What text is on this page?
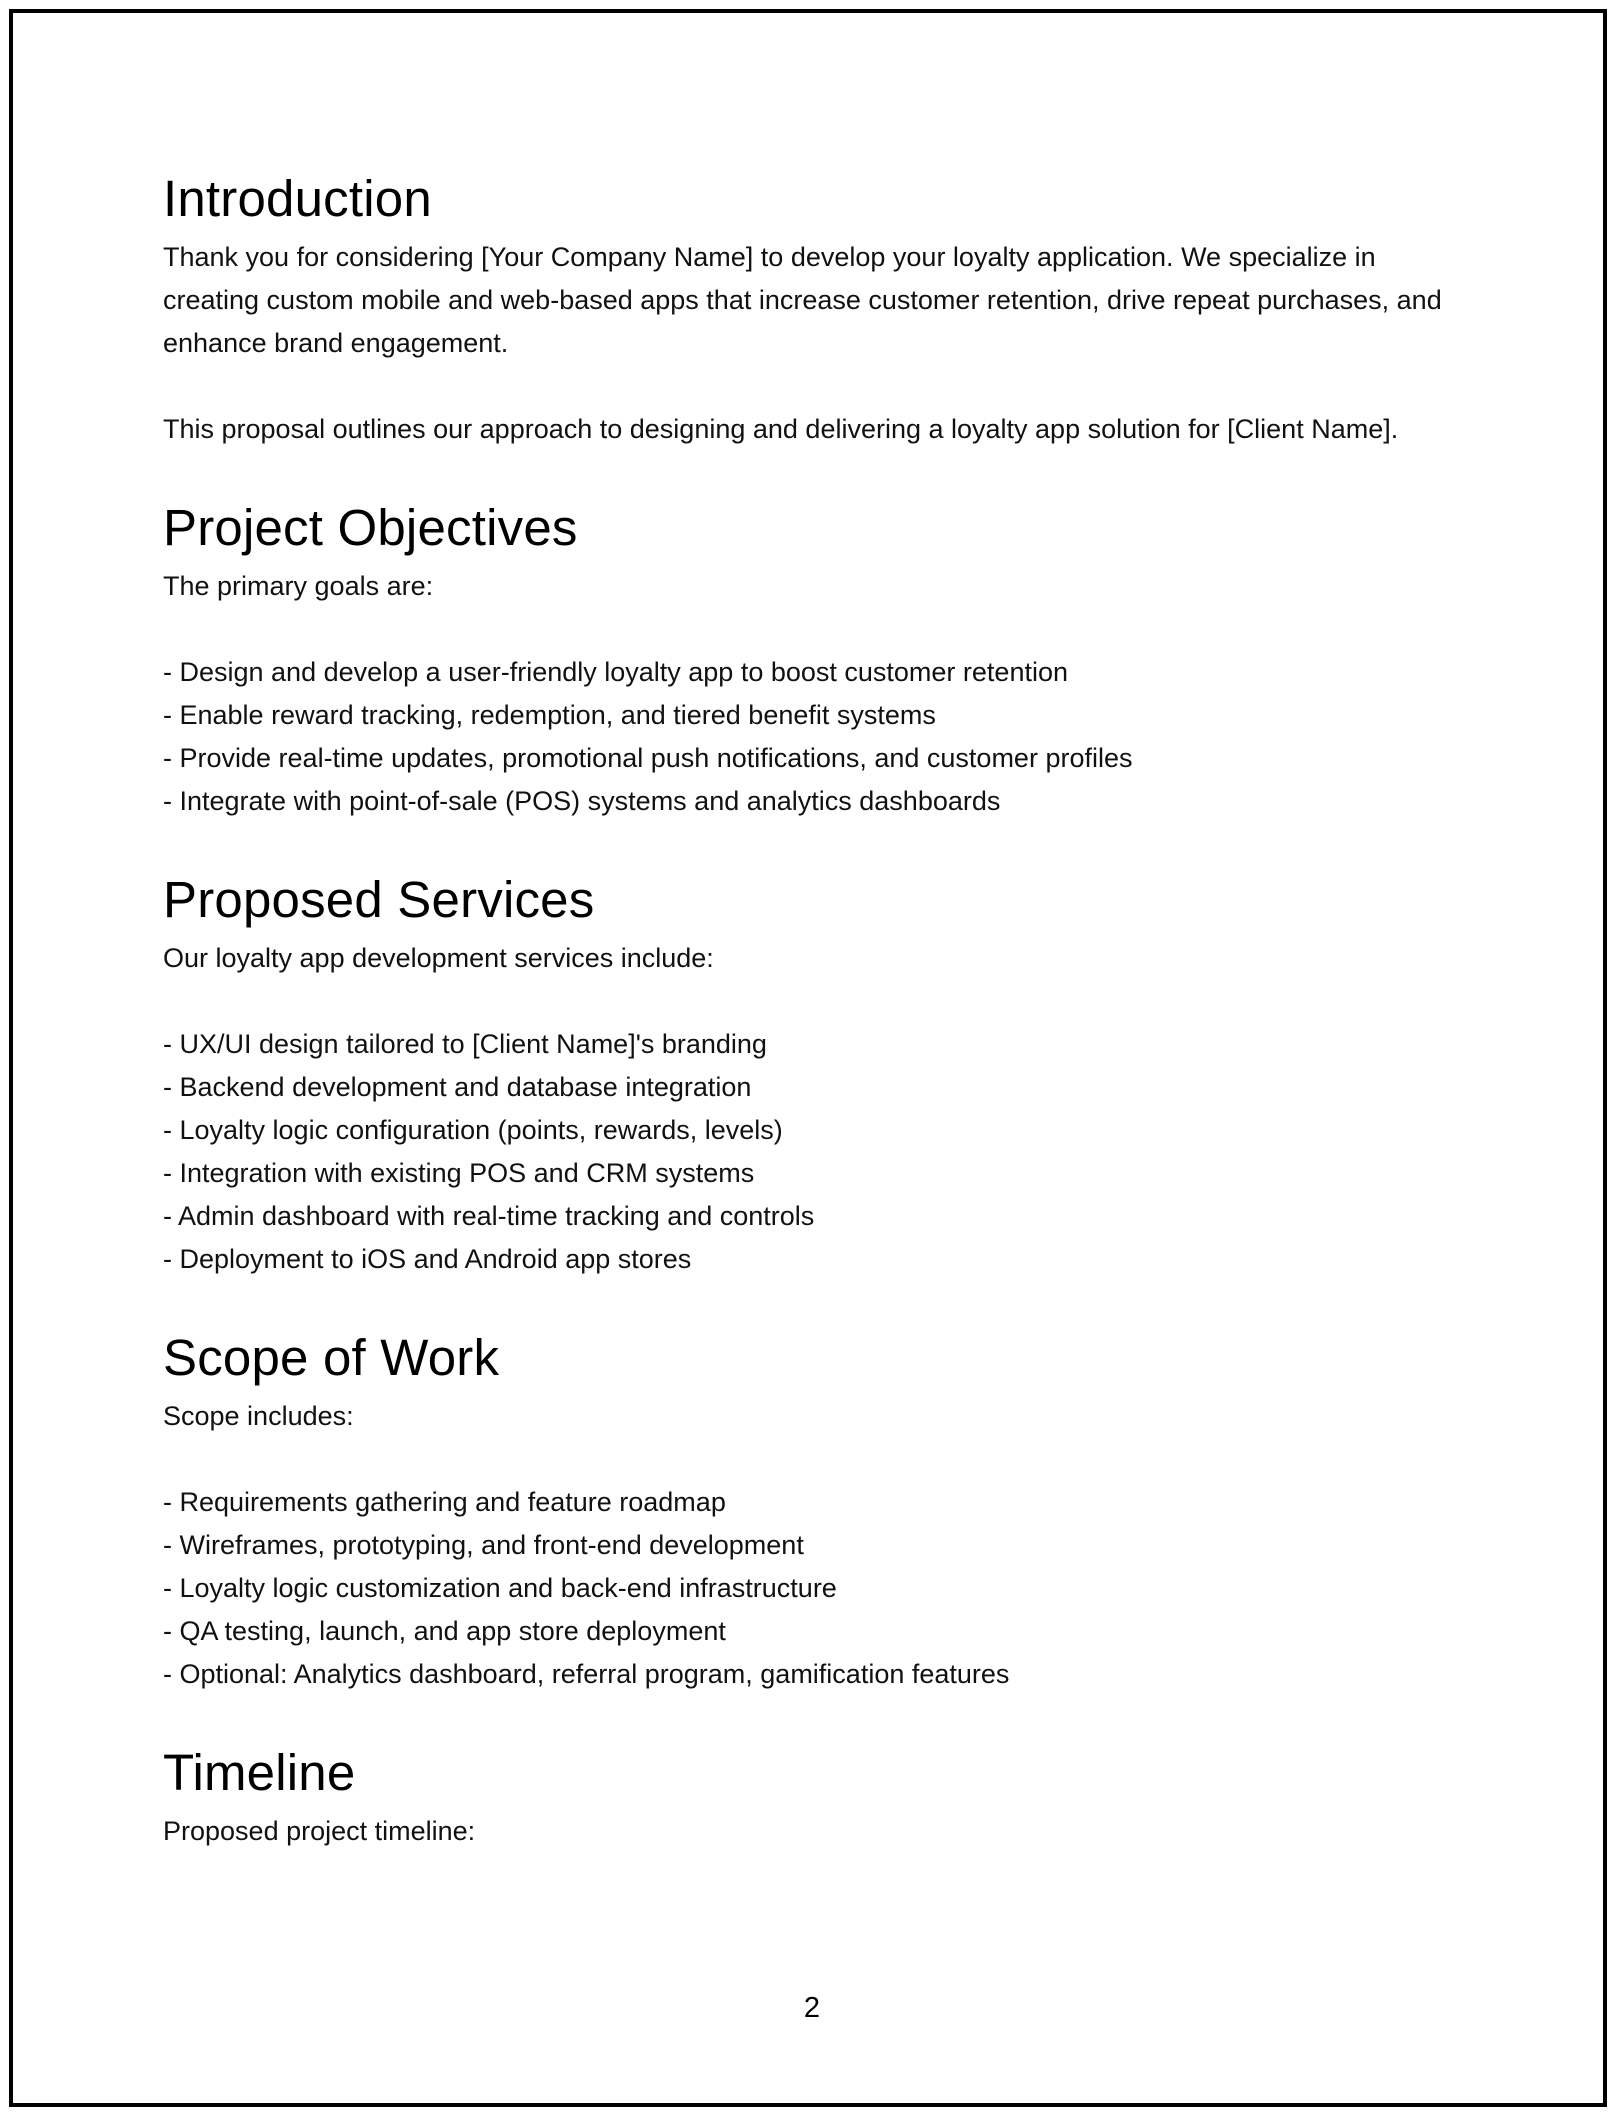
Introduction

Thank you for considering [Your Company Name] to develop your loyalty application. We specialize in creating custom mobile and web-based apps that increase customer retention, drive repeat purchases, and enhance brand engagement.

This proposal outlines our approach to designing and delivering a loyalty app solution for [Client Name].

Project Objectives

The primary goals are:

- Design and develop a user-friendly loyalty app to boost customer retention
- Enable reward tracking, redemption, and tiered benefit systems
- Provide real-time updates, promotional push notifications, and customer profiles
- Integrate with point-of-sale (POS) systems and analytics dashboards
Proposed Services

Our loyalty app development services include:

- UX/UI design tailored to [Client Name]'s branding
- Backend development and database integration
- Loyalty logic configuration (points, rewards, levels)
- Integration with existing POS and CRM systems
- Admin dashboard with real-time tracking and controls
- Deployment to iOS and Android app stores
Scope of Work

Scope includes:

- Requirements gathering and feature roadmap
- Wireframes, prototyping, and front-end development
- Loyalty logic customization and back-end infrastructure
- QA testing, launch, and app store deployment
- Optional: Analytics dashboard, referral program, gamification features
Timeline

Proposed project timeline:

2
